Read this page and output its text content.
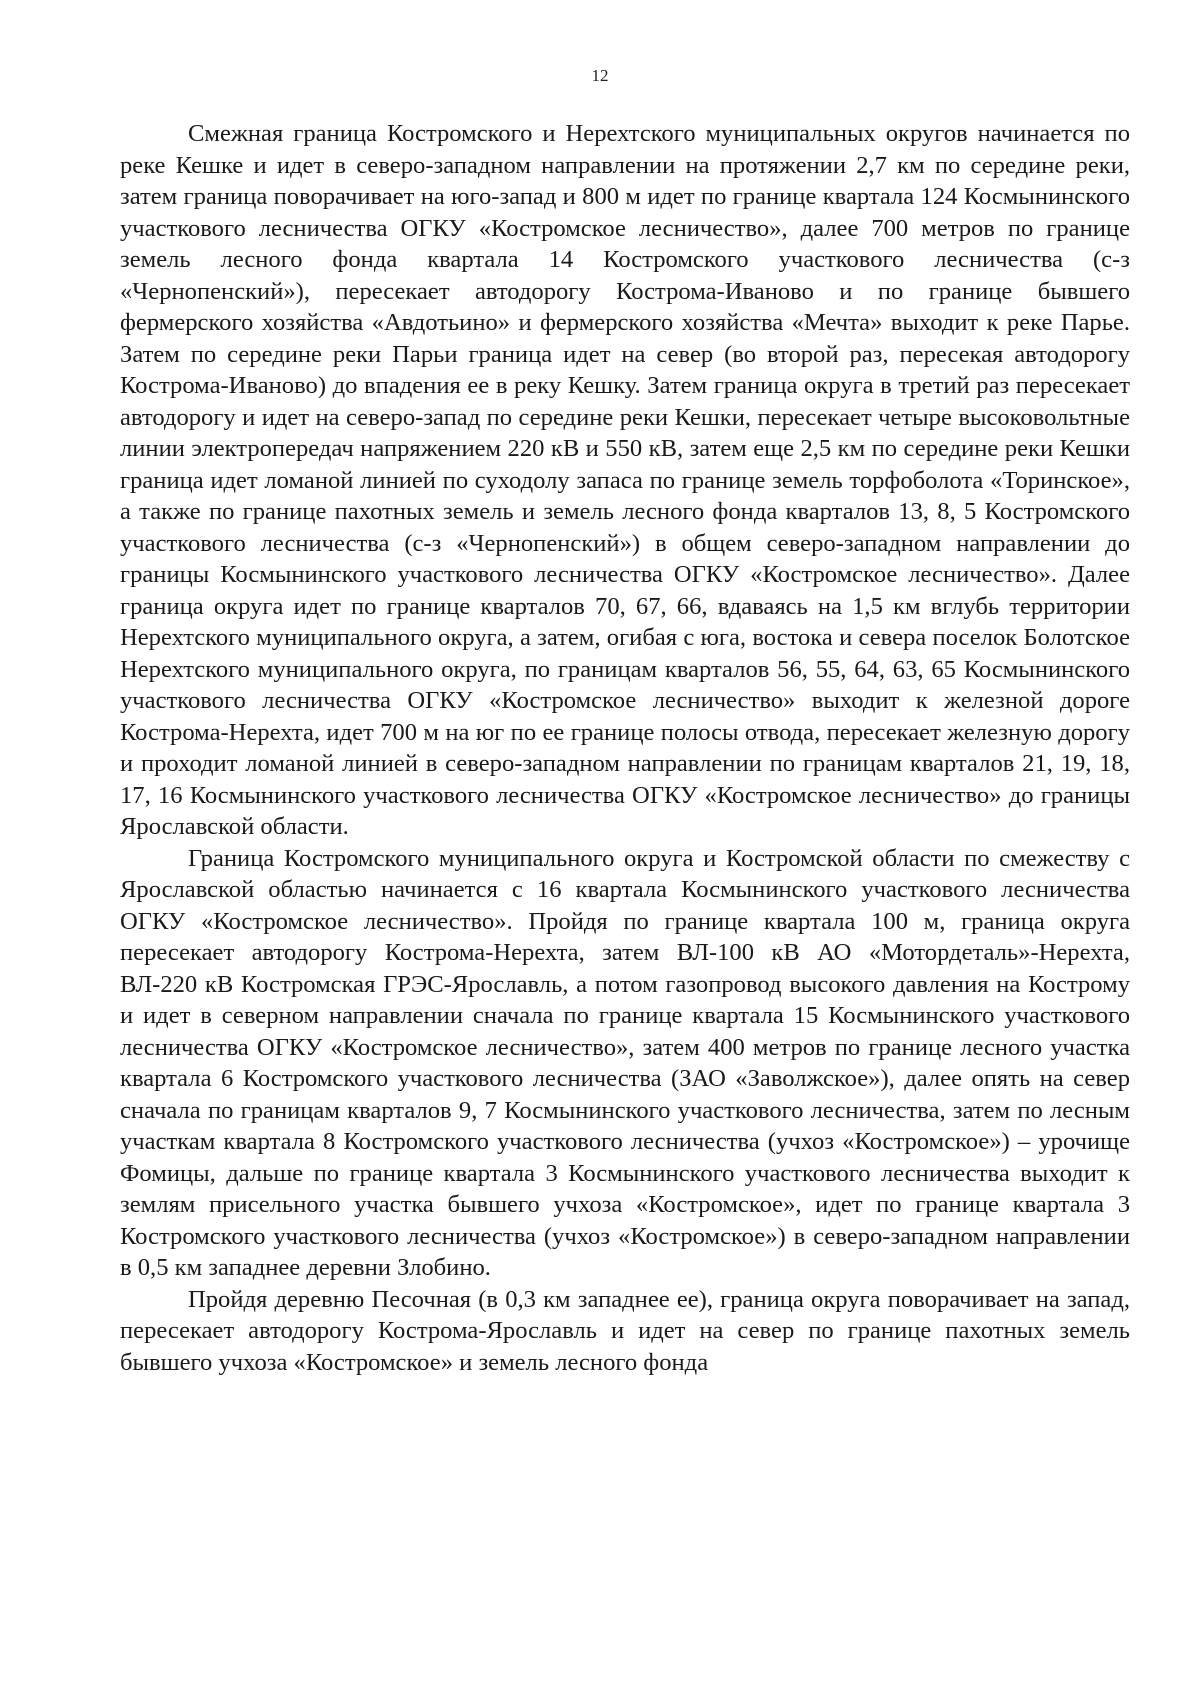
12

Смежная граница Костромского и Нерехтского муниципальных округов начинается по реке Кешке и идет в северо-западном направлении на протяжении 2,7 км по середине реки, затем граница поворачивает на юго-запад и 800 м идет по границе квартала 124 Космынинского участкового лесничества ОГКУ «Костромское лесничество», далее 700 метров по границе земель лесного фонда квартала 14 Костромского участкового лесничества (с-з «Чернопенский»), пересекает автодорогу Кострома-Иваново и по границе бывшего фермерского хозяйства «Авдотьино» и фермерского хозяйства «Мечта» выходит к реке Парье. Затем по середине реки Парьи граница идет на север (во второй раз, пересекая автодорогу Кострома-Иваново) до впадения ее в реку Кешку. Затем граница округа в третий раз пересекает автодорогу и идет на северо-запад по середине реки Кешки, пересекает четыре высоковольтные линии электропередач напряжением 220 кВ и 550 кВ, затем еще 2,5 км по середине реки Кешки граница идет ломаной линией по суходолу запаса по границе земель торфоболота «Торинское», а также по границе пахотных земель и земель лесного фонда кварталов 13, 8, 5 Костромского участкового лесничества (с-з «Чернопенский») в общем северо-западном направлении до границы Космынинского участкового лесничества ОГКУ «Костромское лесничество». Далее граница округа идет по границе кварталов 70, 67, 66, вдаваясь на 1,5 км вглубь территории Нерехтского муниципального округа, а затем, огибая с юга, востока и севера поселок Болотское Нерехтского муниципального округа, по границам кварталов 56, 55, 64, 63, 65 Космынинского участкового лесничества ОГКУ «Костромское лесничество» выходит к железной дороге Кострома-Нерехта, идет 700 м на юг по ее границе полосы отвода, пересекает железную дорогу и проходит ломаной линией в северо-западном направлении по границам кварталов 21, 19, 18, 17, 16 Космынинского участкового лесничества ОГКУ «Костромское лесничество» до границы Ярославской области.

Граница Костромского муниципального округа и Костромской области по смежеству с Ярославской областью начинается с 16 квартала Космынинского участкового лесничества ОГКУ «Костромское лесничество». Пройдя по границе квартала 100 м, граница округа пересекает автодорогу Кострома-Нерехта, затем ВЛ-100 кВ АО «Мотордеталь»-Нерехта, ВЛ-220 кВ Костромская ГРЭС-Ярославль, а потом газопровод высокого давления на Кострому и идет в северном направлении сначала по границе квартала 15 Космынинского участкового лесничества ОГКУ «Костромское лесничество», затем 400 метров по границе лесного участка квартала 6 Костромского участкового лесничества (ЗАО «Заволжское»), далее опять на север сначала по границам кварталов 9, 7 Космынинского участкового лесничества, затем по лесным участкам квартала 8 Костромского участкового лесничества (учхоз «Костромское») – урочище Фомицы, дальше по границе квартала 3 Космынинского участкового лесничества выходит к землям присельного участка бывшего учхоза «Костромское», идет по границе квартала 3 Костромского участкового лесничества (учхоз «Костромское») в северо-западном направлении в 0,5 км западнее деревни Злобино.

Пройдя деревню Песочная (в 0,3 км западнее ее), граница округа поворачивает на запад, пересекает автодорогу Кострома-Ярославль и идет на север по границе пахотных земель бывшего учхоза «Костромское» и земель лесного фонда
